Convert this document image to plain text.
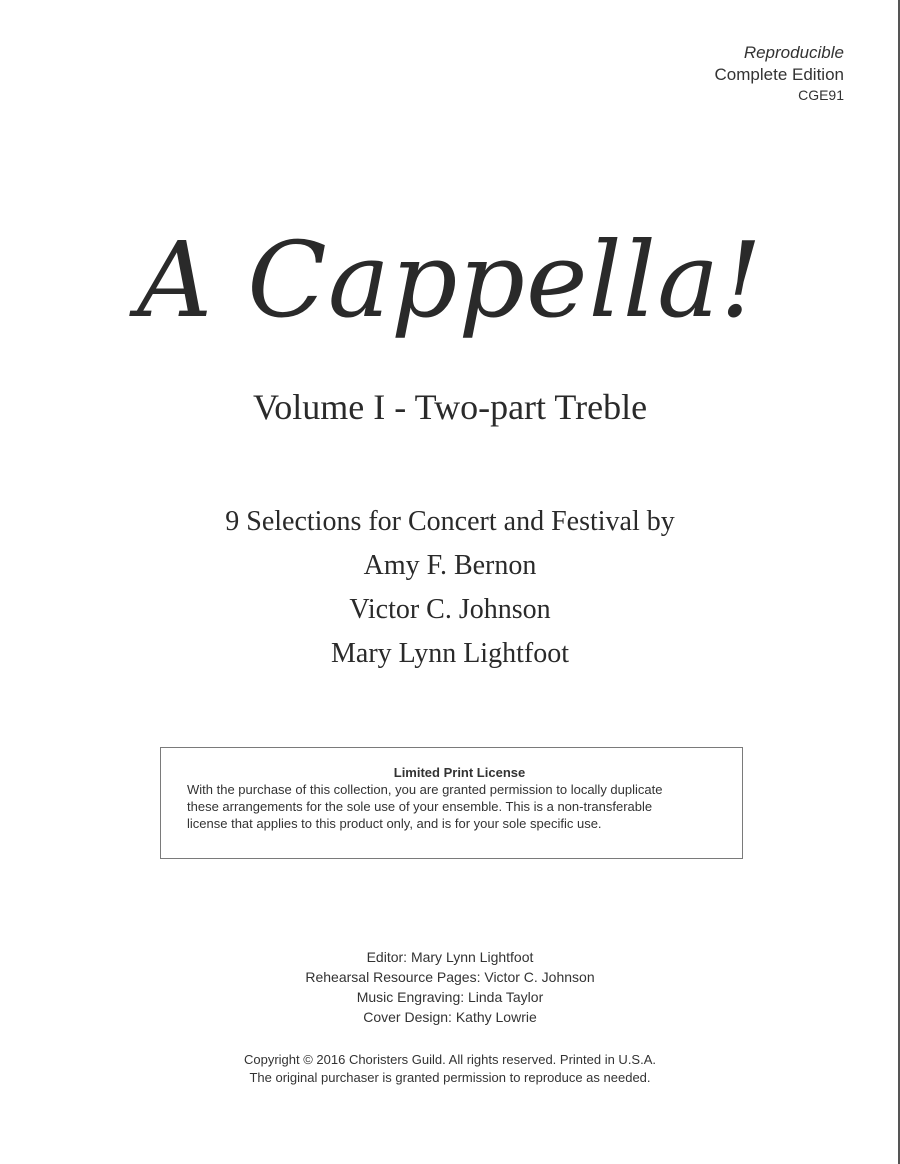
Reproducible
Complete Edition
CGE91
A Cappella!
Volume I - Two-part Treble
9 Selections for Concert and Festival by
Amy F. Bernon
Victor C. Johnson
Mary Lynn Lightfoot
Limited Print License
With the purchase of this collection, you are granted permission to locally duplicate
these arrangements for the sole use of your ensemble. This is a non-transferable
license that applies to this product only, and is for your sole specific use.
Editor: Mary Lynn Lightfoot
Rehearsal Resource Pages: Victor C. Johnson
Music Engraving: Linda Taylor
Cover Design: Kathy Lowrie
Copyright © 2016 Choristers Guild. All rights reserved. Printed in U.S.A.
The original purchaser is granted permission to reproduce as needed.
